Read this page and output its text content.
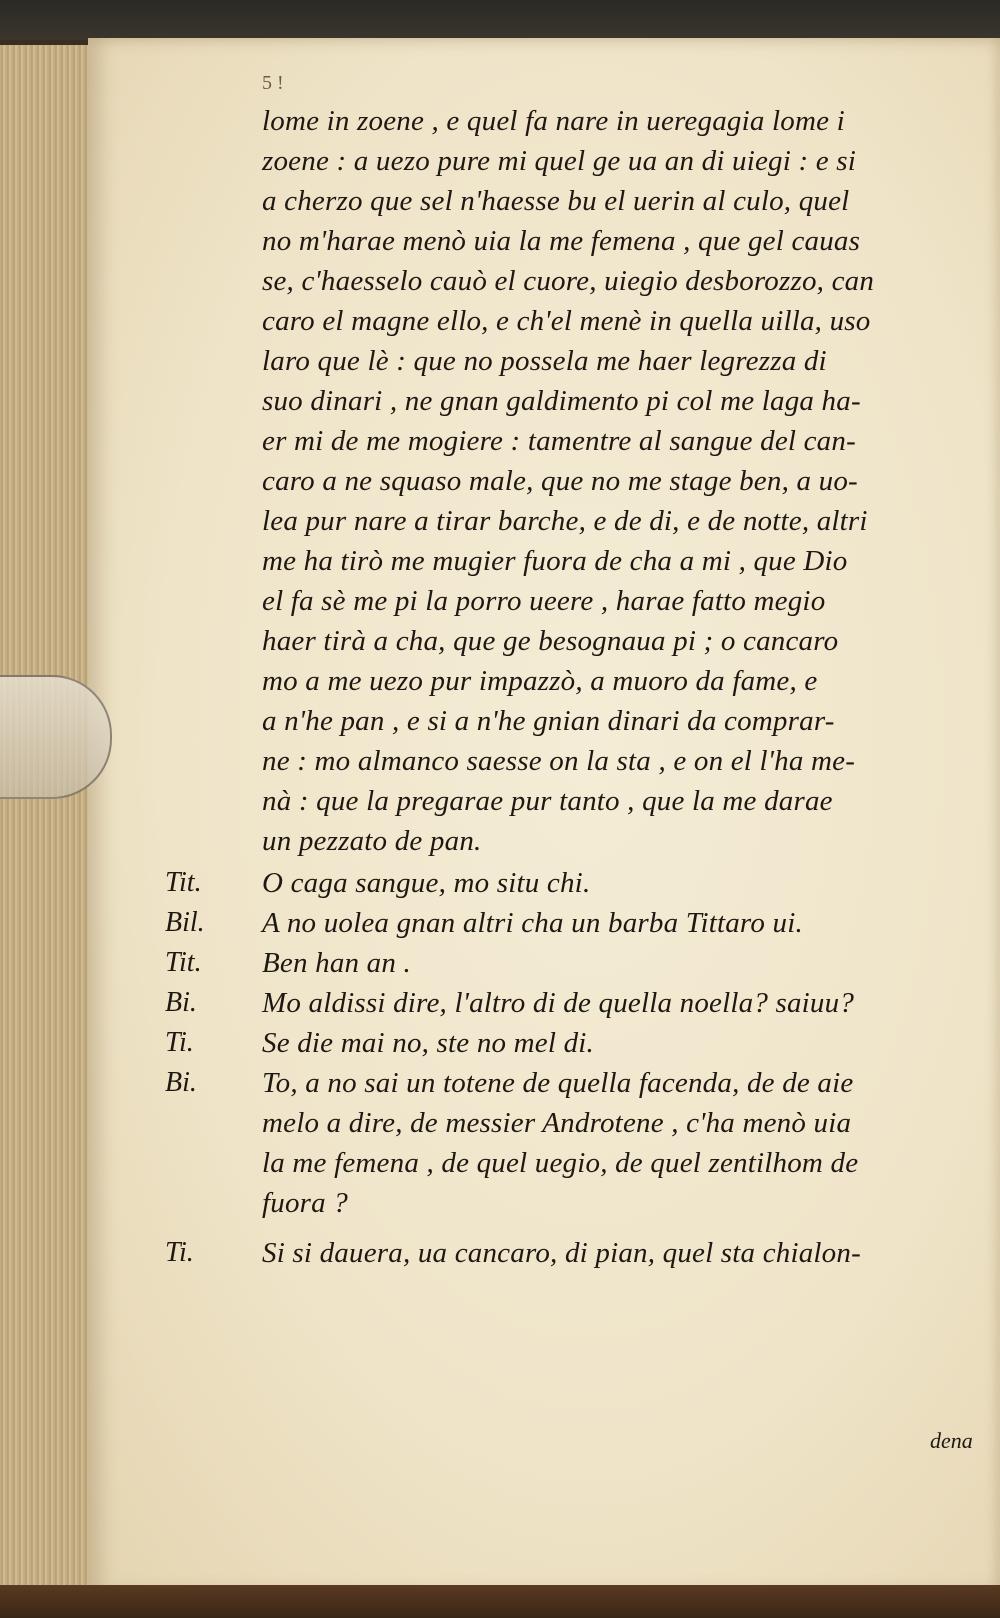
5 !
lome in zoene , e quel fa nare in ueregagia lome i
zoene : a uezo pure mi quel ge ua an di uiegi : e si
a cherzo que sel n'haesse bu el uerin al culo, quel
no m'harae menò uia la me femena , que gel cauas
se, c'haesselo cauò el cuore, uiegio desborozzo, can
caro el magne ello, e ch'el menè in quella uilla, uso
laro que lè : que no possela me haer legrezza di
suo dinari , ne gnan galdimento pi col me laga ha-
er mi de me mogiere : tamentre al sangue del can-
caro a ne squaso male, que no me stage ben, a uo-
lea pur nare a tirar barche, e de di, e de notte, altri
me ha tirò me mugier fuora de cha a mi , que Dio
el fa sè me pi la porro ueere , harae fatto megio
haer tirà a cha, que ge besognaua pi ; o cancaro
mo a me uezo pur impazzò, a muoro da fame, e
a n'he pan , e si a n'he gnian dinari da comprar-
ne : mo almanco saesse on la sta , e on el l'ha me-
nà : que la pregarae pur tanto , que la me darae
un pezzato de pan.
Tit. O caga sangue, mo situ chi.
Bil. A no uolea gnan altri cha un barba Tittaro ui.
Tit. Ben han an .
Bi. Mo aldissi dire, l'altro di de quella noella? saiuu?
Ti. Se die mai no, ste no mel di.
Bi. To, a no sai un totene de quella facenda, de de aie
melo a dire, de messier Androtene , c'ha menò uia
la me femena , de quel uegio, de quel zentilhom de
fuora ?
Ti. Si si dauera, ua cancaro, di pian, quel sta chialon-
dena
